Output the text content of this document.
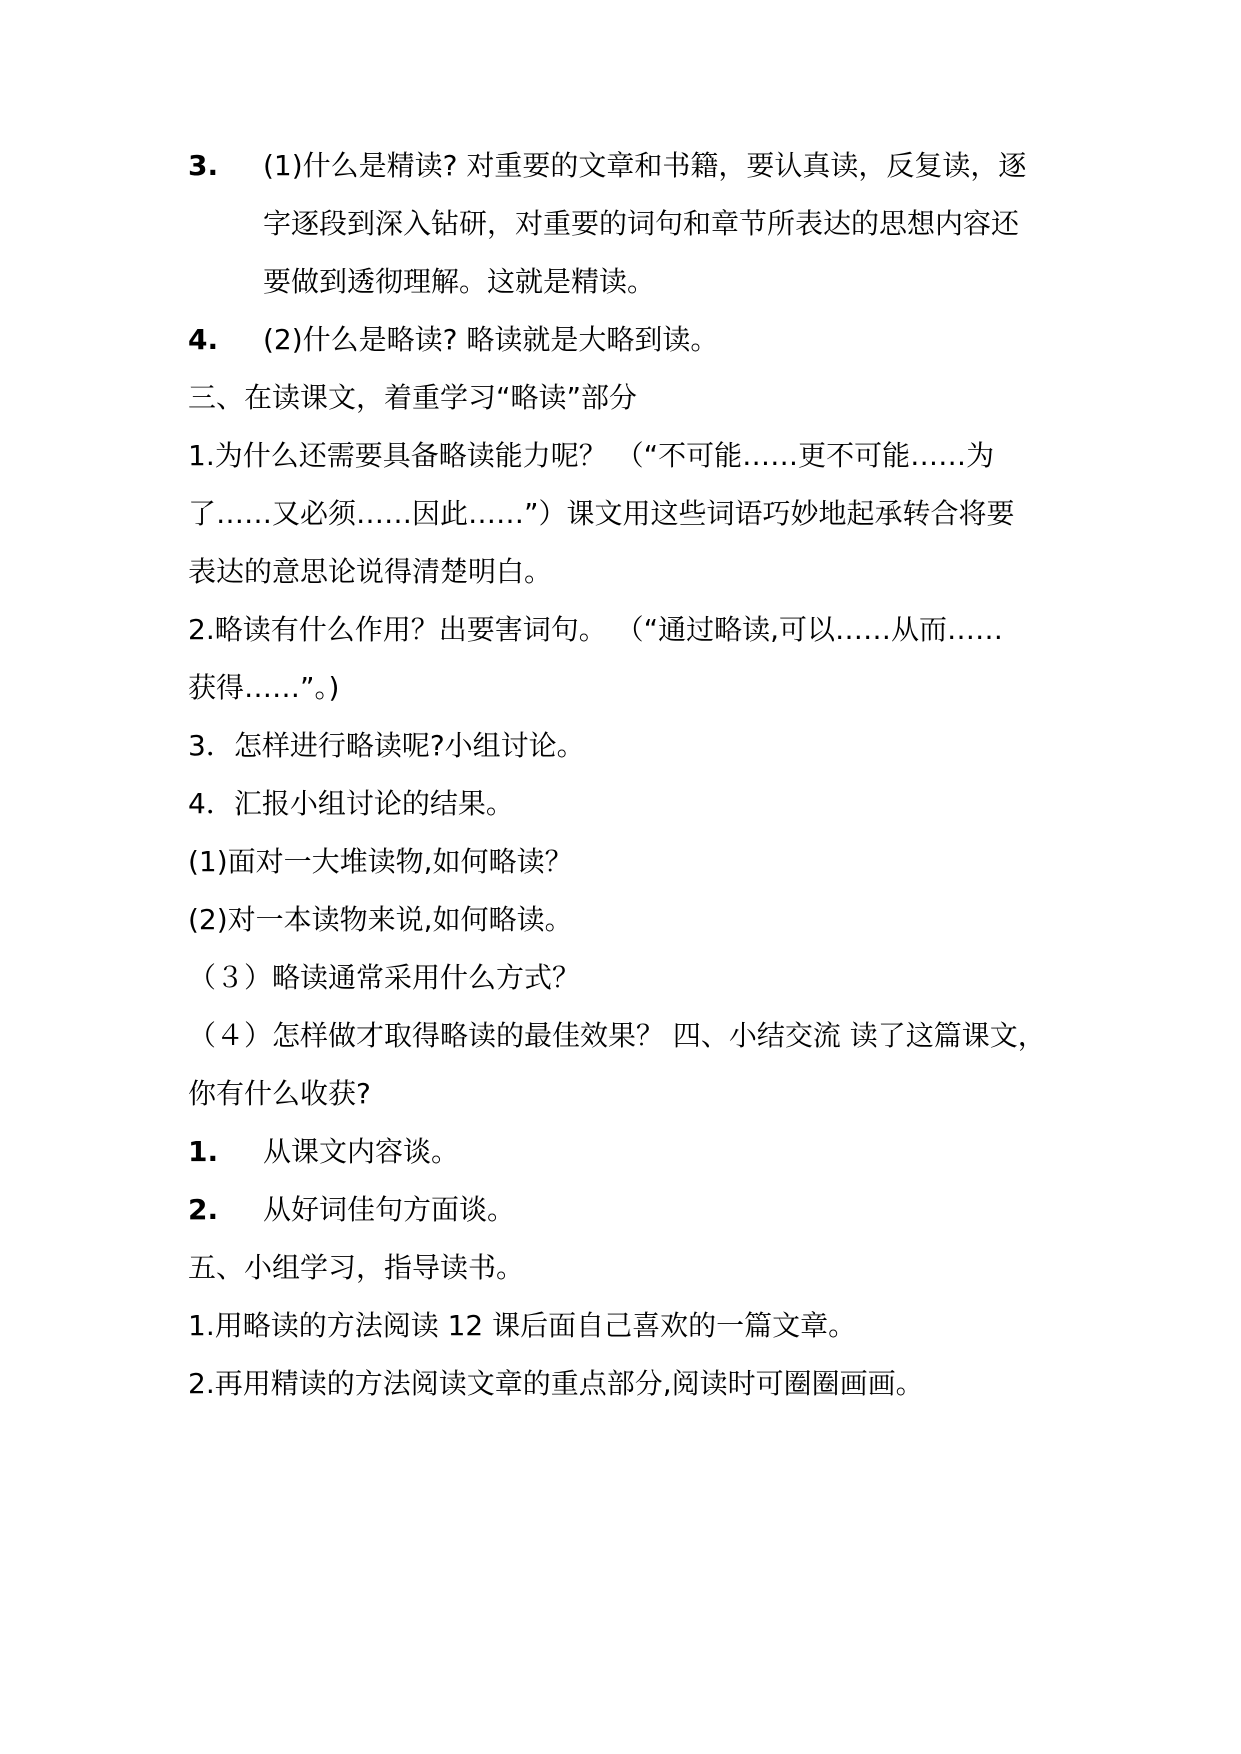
3. (1)什么是精读? 对重要的文章和书籍，要认真读，反复读，逐
字逐段到深入钻研，对重要的词句和章节所表达的思想内容还
要做到透彻理解。这就是精读。
4. (2)什么是略读? 略读就是大略到读。
三、在读课文，着重学习“略读”部分
1.为什么还需要具备略读能力呢？ （“不可能……更不可能……为
了……又必须……因此……”）课文用这些词语巧妙地起承转合将要
表达的意思论说得清楚明白。
2.略读有什么作用？出要害词句。 （“通过略读,可以……从而……
获得……”。)
3．怎样进行略读呢?小组讨论。
4．汇报小组讨论的结果。
(1)面对一大堆读物,如何略读？
(2)对一本读物来说,如何略读。
（３）略读通常采用什么方式？
（４）怎样做才取得略读的最佳效果？ 四、小结交流 读了这篇课文，
你有什么收获?
1. 从课文内容谈。
2. 从好词佳句方面谈。
五、小组学习，指导读书。
1.用略读的方法阅读 12 课后面自己喜欢的一篇文章。
2.再用精读的方法阅读文章的重点部分,阅读时可圈圈画画。
